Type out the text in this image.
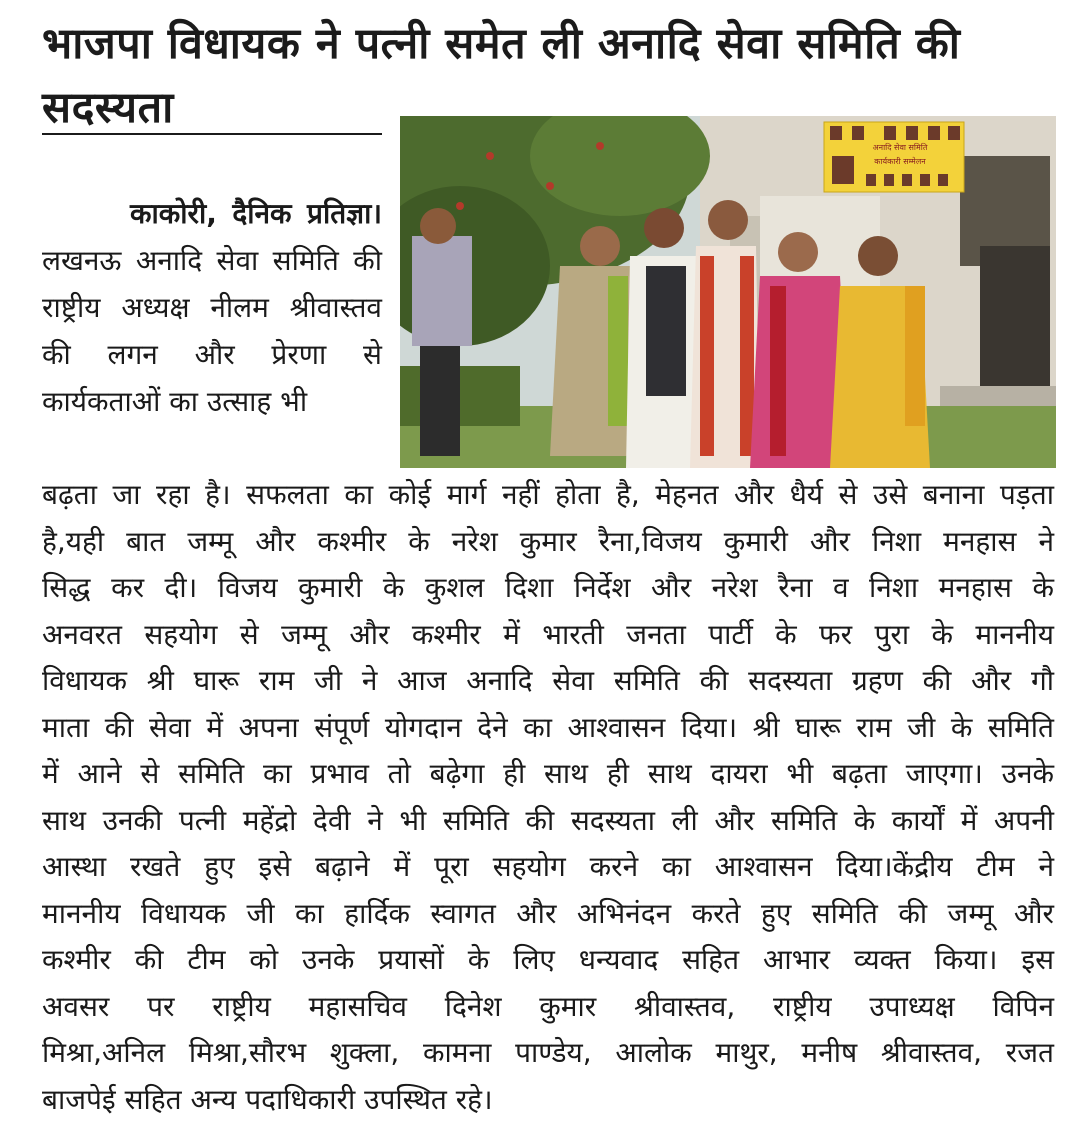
भाजपा विधायक ने पत्नी समेत ली अनादि सेवा समिति की सदस्यता
अनादि सेवा समिति
कार्यकारी सम्मेलन
काकोरी, दैनिक प्रतिज्ञा। लखनऊ अनादि सेवा समिति की राष्ट्रीय अध्यक्ष नीलम श्रीवास्तव की लगन और प्रेरणा से कार्यकताओं का उत्साह भी
बढ़ता जा रहा है। सफलता का कोई मार्ग नहीं होता है, मेहनत और धैर्य से उसे बनाना पड़ता
है,यही बात जम्मू और कश्मीर के नरेश कुमार रैना,विजय कुमारी और निशा मनहास ने
सिद्ध कर दी। विजय कुमारी के कुशल दिशा निर्देश और नरेश रैना व निशा मनहास के
अनवरत सहयोग से जम्मू और कश्मीर में भारती जनता पार्टी के फर पुरा के माननीय
विधायक श्री घारू राम जी ने आज अनादि सेवा समिति की सदस्यता ग्रहण की और गौ
माता की सेवा में अपना संपूर्ण योगदान देने का आश्वासन दिया। श्री घारू राम जी के समिति
में आने से समिति का प्रभाव तो बढ़ेगा ही साथ ही साथ दायरा भी बढ़ता जाएगा। उनके
साथ उनकी पत्नी महेंद्रो देवी ने भी समिति की सदस्यता ली और समिति के कार्यों में अपनी
आस्था रखते हुए इसे बढ़ाने में पूरा सहयोग करने का आश्वासन दिया।केंद्रीय टीम ने
माननीय विधायक जी का हार्दिक स्वागत और अभिनंदन करते हुए समिति की जम्मू और
कश्मीर की टीम को उनके प्रयासों के लिए धन्यवाद सहित आभार व्यक्त किया। इस
अवसर पर राष्ट्रीय महासचिव दिनेश कुमार श्रीवास्तव, राष्ट्रीय उपाध्यक्ष विपिन
मिश्रा,अनिल मिश्रा,सौरभ शुक्ला, कामना पाण्डेय, आलोक माथुर, मनीष श्रीवास्तव, रजत
बाजपेई सहित अन्य पदाधिकारी उपस्थित रहे।
